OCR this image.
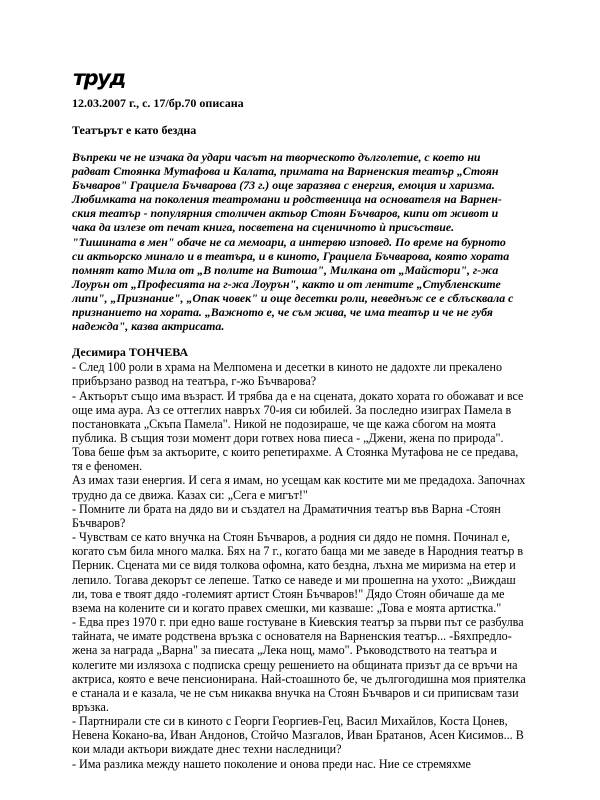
труд
12.03.2007 г., с. 17/бр.70 описана
Театърът е като бездна
Въпреки че не изчака да удари часът на творческото дълголетие, с което ни
радват Стоянка Мутафова и Калата, примата на Варненския театър „Стоян
Бъчваров" Грациела Бъчварова (73 г.) още заразява с енергия, емоция и харизма.
Любимката на поколения театромани и родственица на основателя на Варнен-
ския театър - популярния столичен актьор Стоян Бъчваров, кипи от живот и
чака да излезе от печат книга, посветена на сценичното ѝ присъствие.
"Тишината в мен" обаче не са мемоари, а интервю изповед. По време на бурното
си актьорско минало и в театъра, и в киното, Грациела Бъчварова, която хората
помнят като Мила от „В полите на Витоша", Милкана от „Майстори", г-жа
Лоурън от „Професията на г-жа Лоурън", както и от лентите „Стубленските
липи", „Признание", „Опак човек" и още десетки роли, неведнъж се е сблъсквала с
признанието на хората. „Важното е, че съм жива, че има театър и че не губя
надежда", казва актрисата.
Десимира ТОНЧЕВА
- След 100 роли в храма на Мелпомена и десетки в киното не дадохте ли прекалено
прибързано развод на театъра, г-жо Бъчварова?
- Актьорът също има възраст. И трябва да е на сцената, докато хората го обожават и все
още има аура. Аз се оттеглих навръх 70-ия си юбилей. За последно изиграх Памела в
постановката „Скъпа Памела". Никой не подозираше, че ще кажа сбогом на моята
публика. В същия този момент дори готвех нова пиеса - „Джени, жена по природа".
Това беше фъм за актьорите, с които репетирахме. А Стоянка Мутафова не се предава,
тя е феномен.
Аз имах тази енергия. И сега я имам, но усещам как костите ми ме предадоха. Започнах
трудно да се движа. Казах си: „Сега е мигът!"
- Помните ли брата на дядо ви и създател на Драматичния театър във Варна -Стоян
Бъчваров?
- Чувствам се като внучка на Стоян Бъчваров, а родния си дядо не помня. Починал е,
когато съм била много малка. Бях на 7 г., когато баща ми ме заведе в Народния театър в
Перник. Сцената ми се видя толкова офомна, като бездна, лъхна ме миризма на етер и
лепило. Тогава декорът се лепеше. Татко се наведе и ми прошепна на ухото: „Виждаш
ли, това е твоят дядо -големият артист Стоян Бъчваров!" Дядо Стоян обичаше да ме
взема на колените си и когато правех смешки, ми казваше: „Това е моята артистка."
- Едва през 1970 г. при едно ваше гостуване в Киевския театър за първи път се разбулва
тайната, че имате родствена връзка с основателя на Варненския театър... -Бяхпредло-
жена за награда „Варна" за пиесата „Лека нощ, мамо". Ръководството на театъра и
колегите ми излязоха с подписка срещу решението на общината призът да се връчи на
актриса, която е вече пенсионирана. Най-стоашното бе, че дългогодишна моя приятелка
е станала и е казала, че не съм никаква внучка на Стоян Бъчваров и си приписвам тази
връзка.
- Партнирали сте си в киното с Георги Георгиев-Гец, Васил Михайлов, Коста Цонев,
Невена Кокано-ва, Иван Андонов, Стойчо Мазгалов, Иван Братанов, Асен Кисимов... В
кои млади актьори виждате днес техни наследници?
- Има разлика между нашето поколение и онова преди нас. Ние се стремяхме
